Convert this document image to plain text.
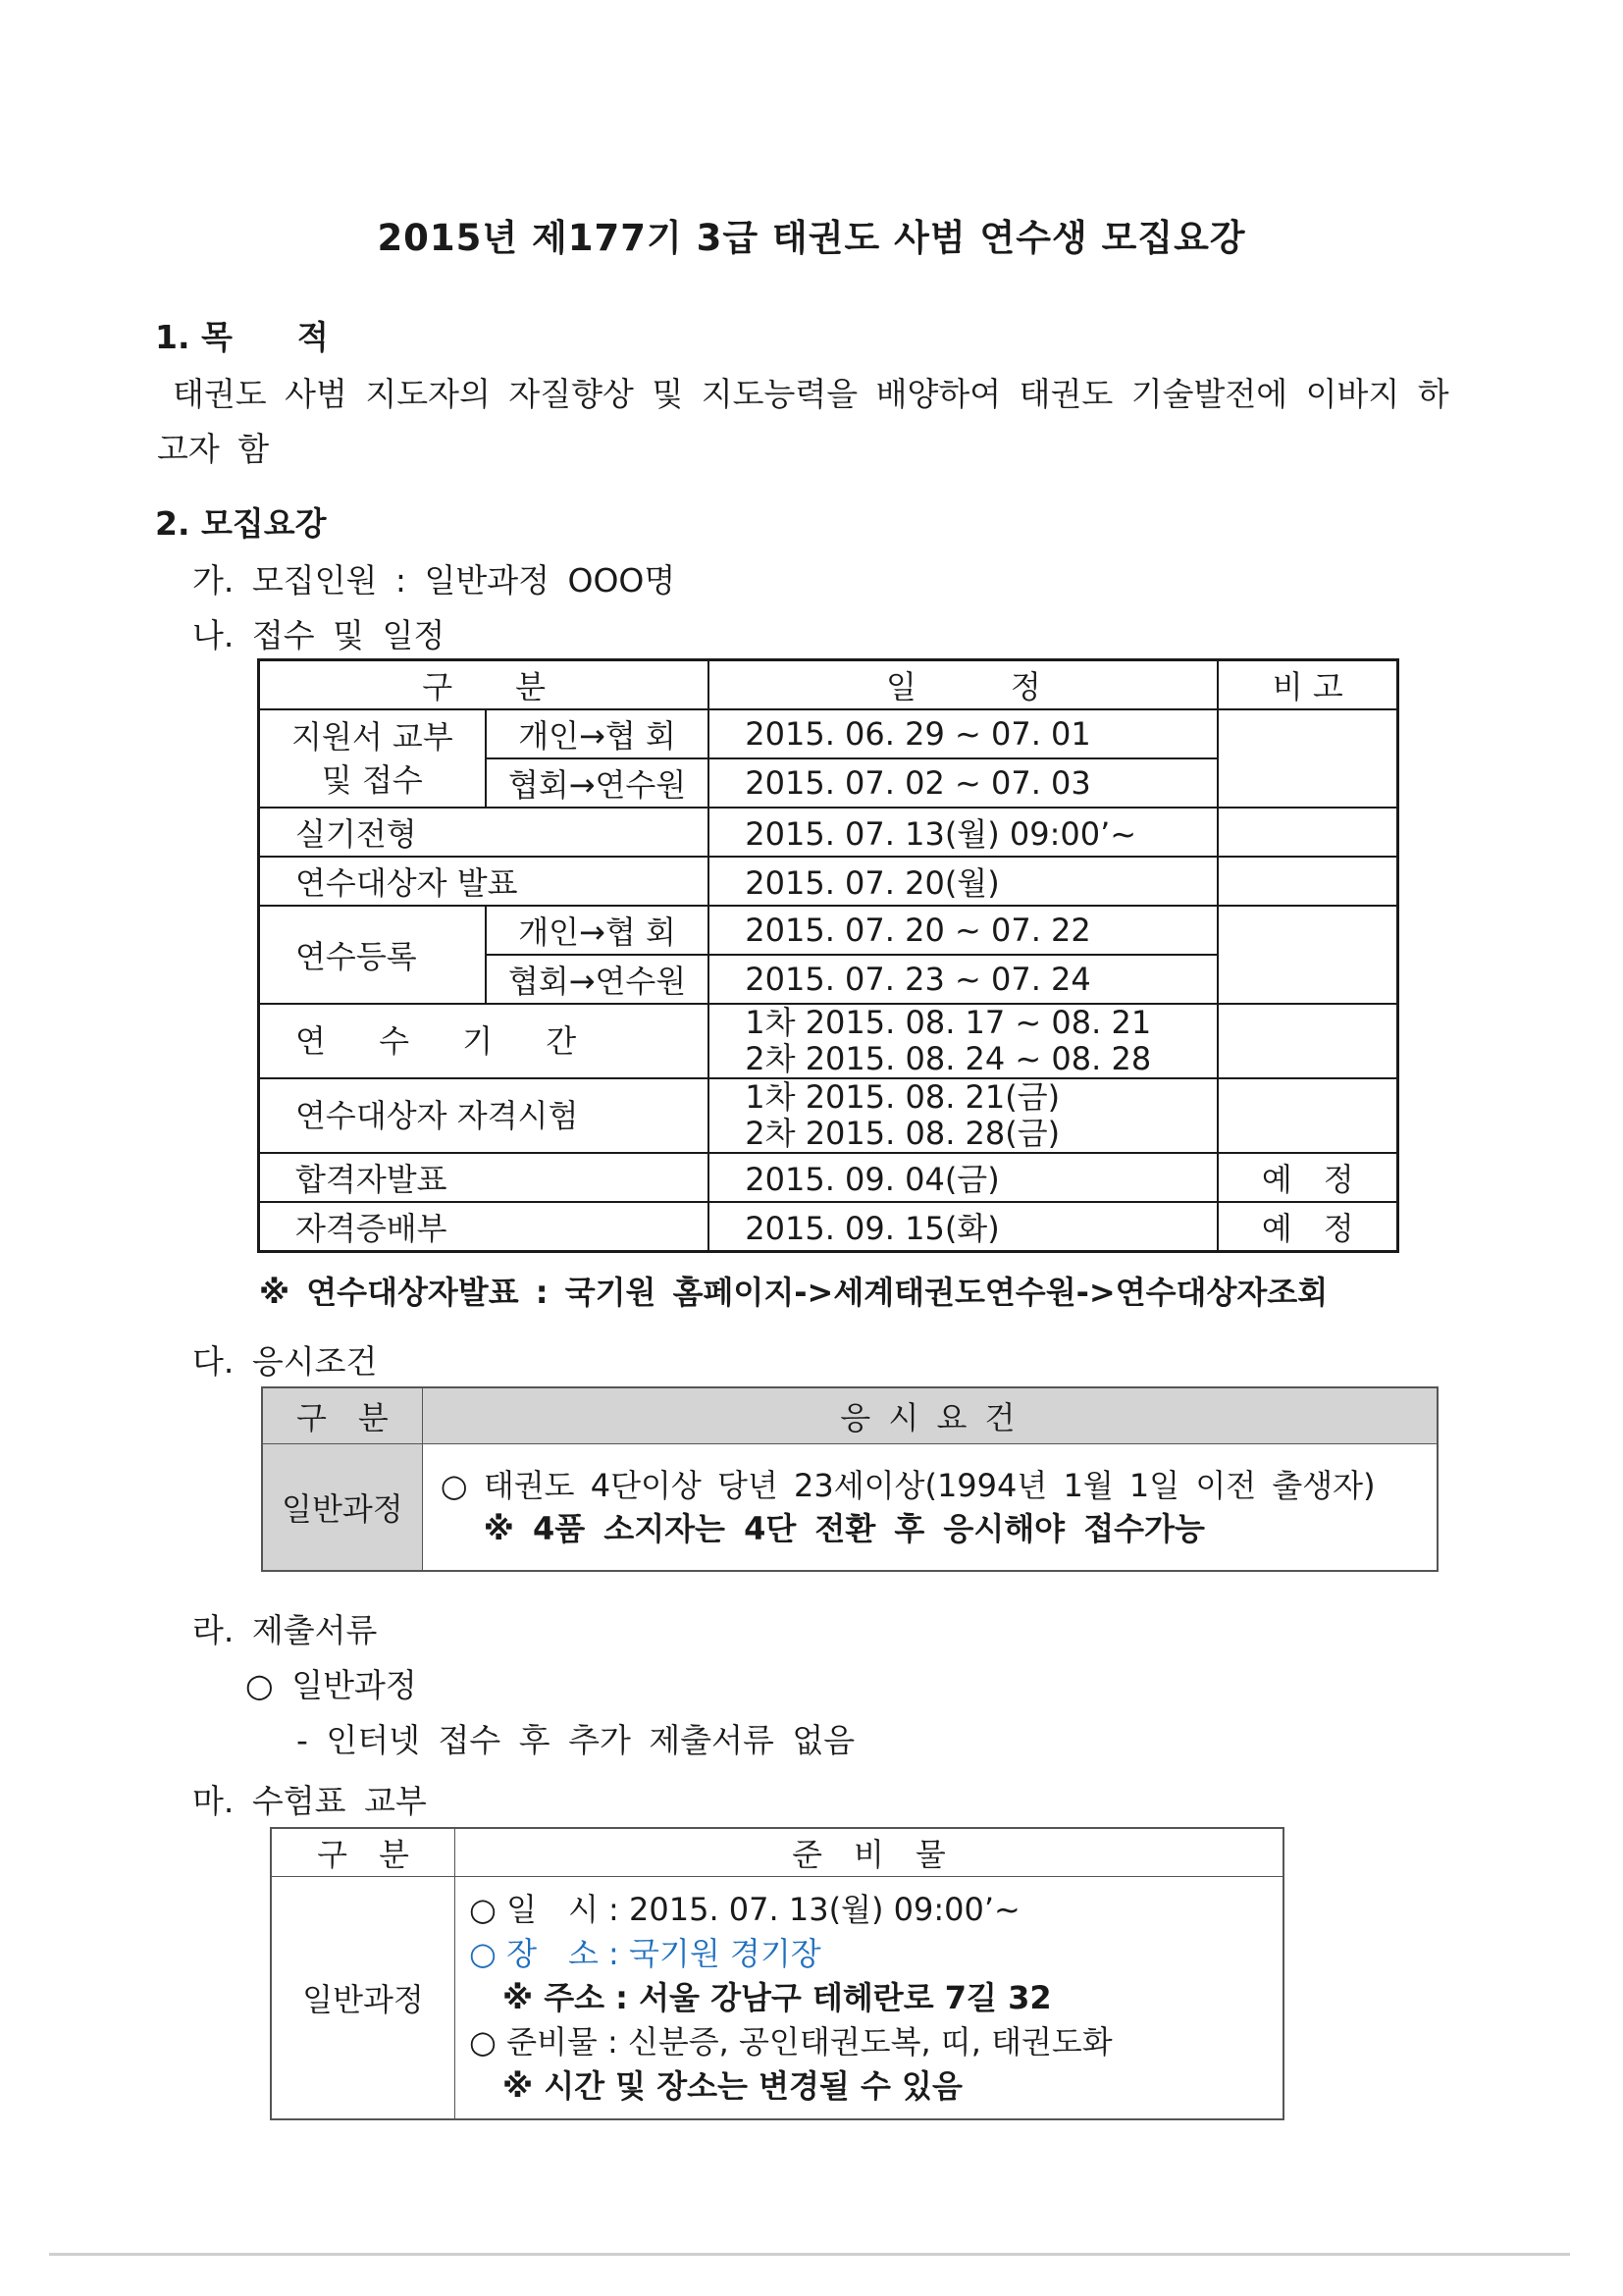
2015년 제177기 3급 태권도 사범 연수생 모집요강
1. 목　　적
태권도 사범 지도자의 자질향상 및 지도능력을 배양하여 태권도 기술발전에 이바지 하
고자 함
2. 모집요강
가. 모집인원 : 일반과정 OOO명
나. 접수 및 일정
구　　분		일　　　정	비 고

지원서 교부
및 접수	개인→협 회	2015. 06. 29 ~ 07. 01	
	협회→연수원	2015. 07. 02 ~ 07. 03	
실기전형		2015. 07. 13(월) 09:00’~	
연수대상자 발표		2015. 07. 20(월)	
연수등록	개인→협 회	2015. 07. 20 ~ 07. 22	
	협회→연수원	2015. 07. 23 ~ 07. 24	
연 수 기 간		1차 2015. 08. 17 ~ 08. 21
2차 2015. 08. 24 ~ 08. 28	

연수대상자 자격시험		1차 2015. 08. 21(금)
2차 2015. 08. 28(금)	

합격자발표		2015. 09. 04(금)	예　정
자격증배부		2015. 09. 15(화)	예　정
※ 연수대상자발표 : 국기원 홈페이지->세계태권도연수원->연수대상자조회
다. 응시조건
구　분	응 시 요 건
일반과정	○ 태권도 4단이상 당년 23세이상(1994년 1월 1일 이전 출생자)
※ 4품 소지자는 4단 전환 후 응시해야 접수가능
라. 제출서류
○ 일반과정
- 인터넷 접수 후 추가 제출서류 없음
마. 수험표 교부
구　분	준　비　물
일반과정	○ 일　시 : 2015. 07. 13(월) 09:00’~
○ 장　소 : 국기원 경기장
※ 주소 : 서울 강남구 테헤란로 7길 32
○ 준비물 : 신분증, 공인태권도복, 띠, 태권도화
※ 시간 및 장소는 변경될 수 있음
